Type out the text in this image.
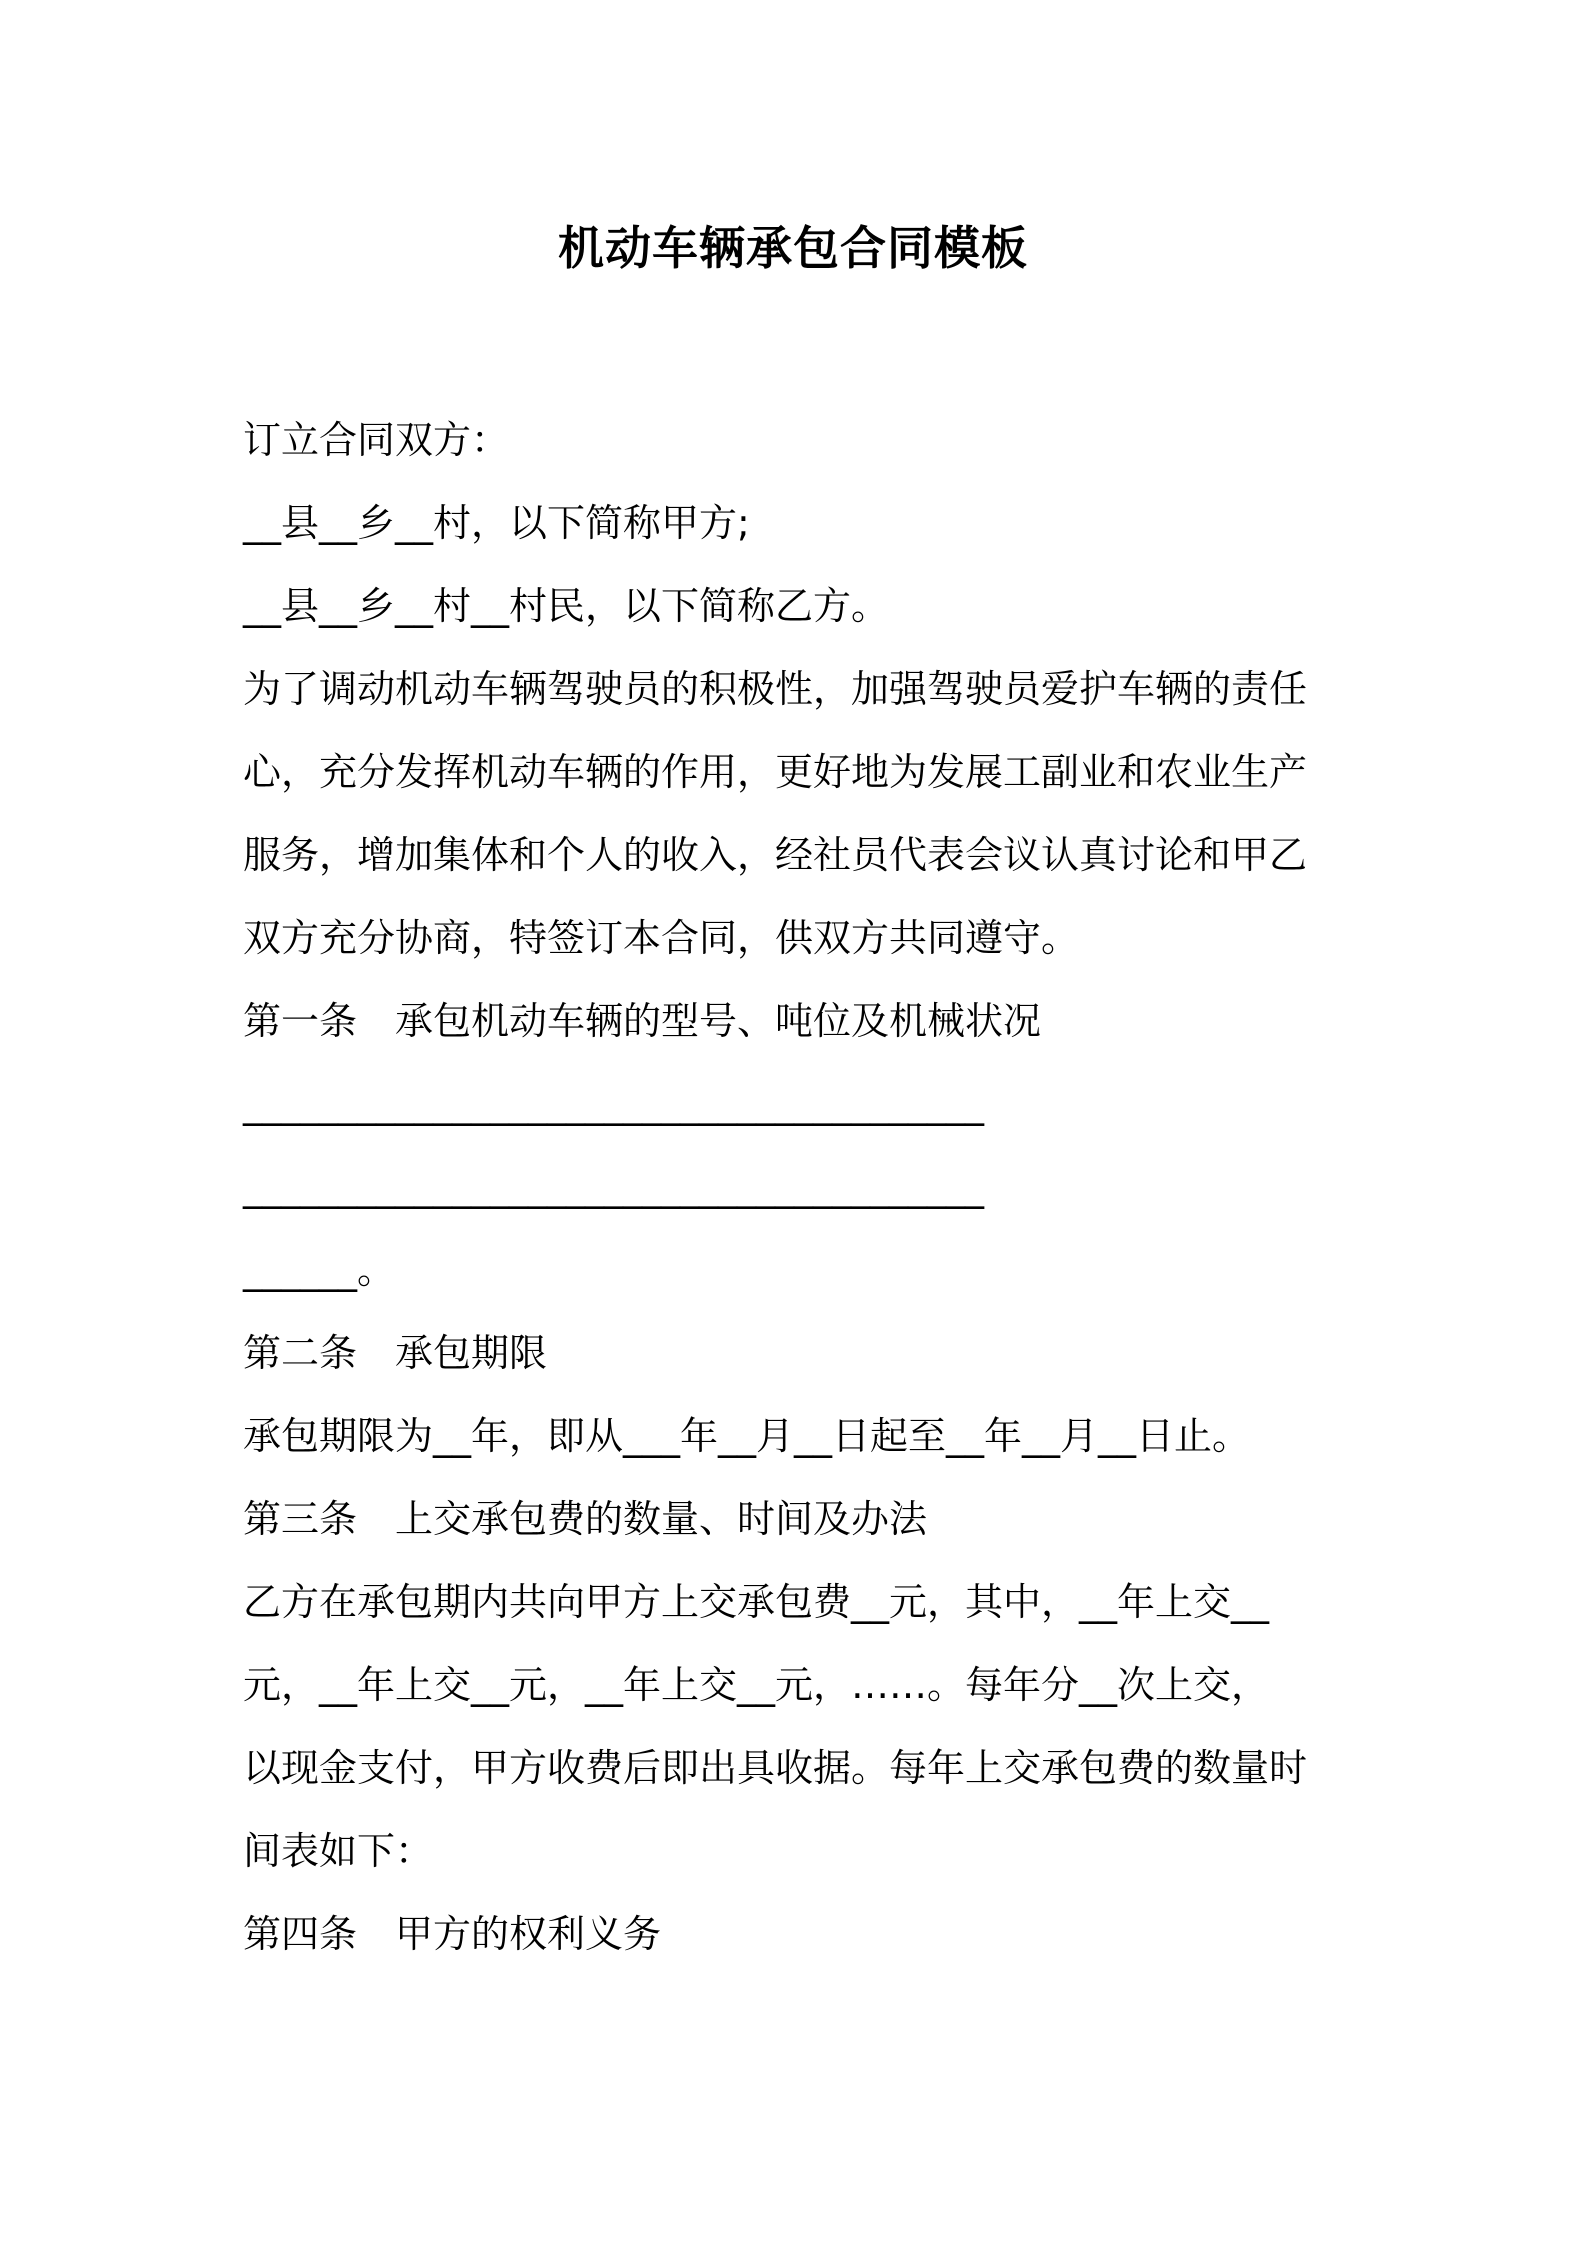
机动车辆承包合同模板
订立合同双方：
__县__乡__村，以下简称甲方;
__县__乡__村__村民，以下简称乙方。
为了调动机动车辆驾驶员的积极性，加强驾驶员爱护车辆的责任
心，充分发挥机动车辆的作用，更好地为发展工副业和农业生产
服务，增加集体和个人的收入，经社员代表会议认真讨论和甲乙
双方充分协商，特签订本合同，供双方共同遵守。
第一条　承包机动车辆的型号、吨位及机械状况
_______________________________________
_______________________________________
______。
第二条　承包期限
承包期限为__年，即从___年__月__日起至__年__月__日止。
第三条　上交承包费的数量、时间及办法
乙方在承包期内共向甲方上交承包费__元，其中，__年上交__
元，__年上交__元，__年上交__元，……。每年分__次上交，
以现金支付，甲方收费后即出具收据。每年上交承包费的数量时
间表如下：
第四条　甲方的权利义务
